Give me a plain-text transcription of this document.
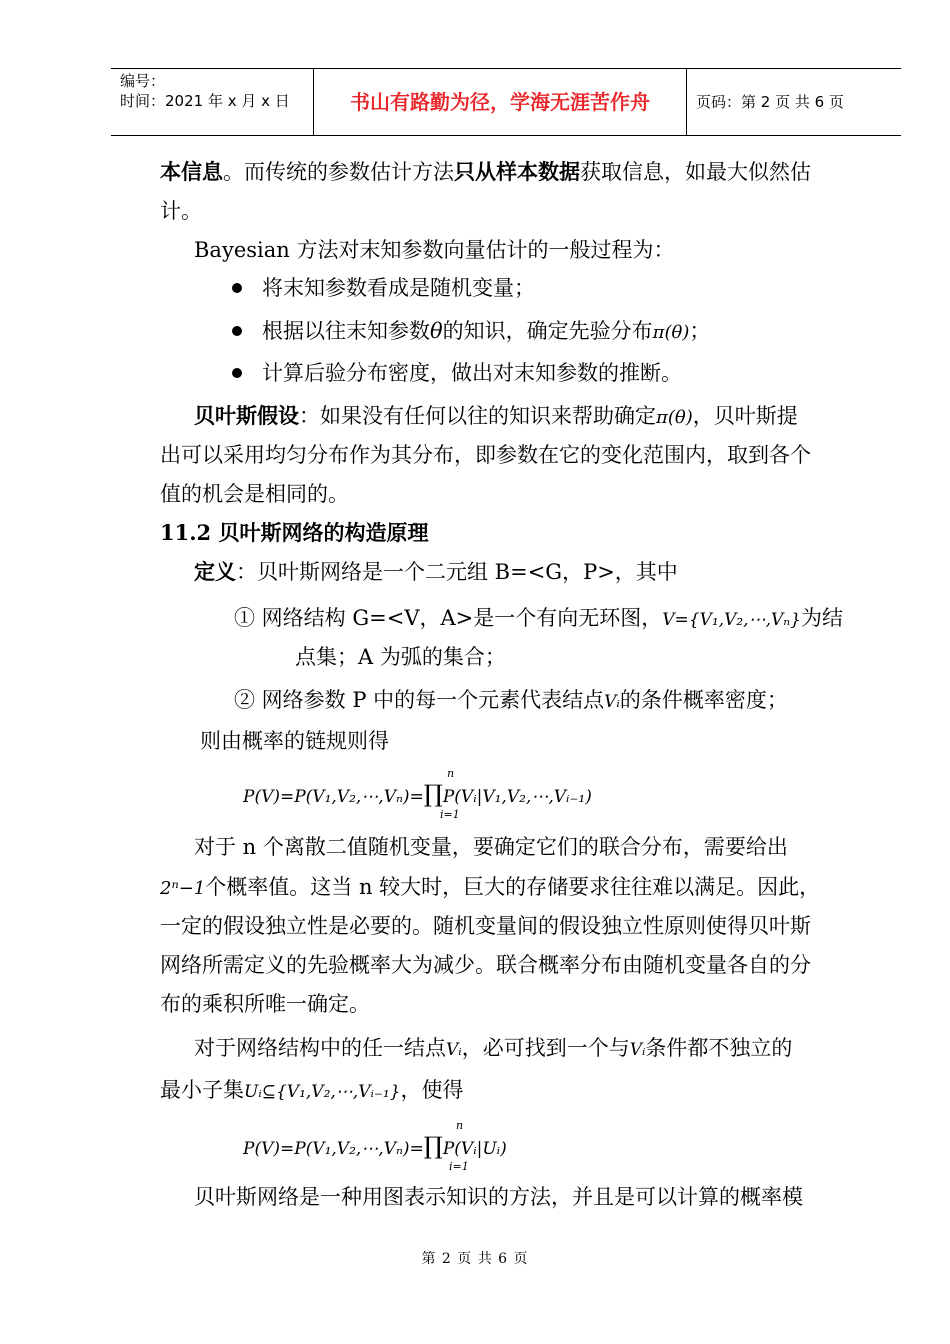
编号：
时间：2021 年 x 月 x 日	书山有路勤为径，学海无涯苦作舟	页码：第 2 页 共 6 页
本信息。而传统的参数估计方法只从样本数据获取信息，如最大似然估
计。
Bayesian 方法对末知参数向量估计的一般过程为：
将末知参数看成是随机变量；
根据以往末知参数θ的知识，确定先验分布π(θ)；
计算后验分布密度，做出对末知参数的推断。
贝叶斯假设：如果没有任何以往的知识来帮助确定π(θ)，贝叶斯提
出可以采用均匀分布作为其分布，即参数在它的变化范围内，取到各个
值的机会是相同的。
11.2 贝叶斯网络的构造原理
定义：贝叶斯网络是一个二元组 B=<G，P>，其中
① 网络结构 G=<V，A>是一个有向无环图，V={V₁,V₂,⋯,Vₙ}为结
点集；A 为弧的集合；
② 网络参数 P 中的每一个元素代表结点Vᵢ的条件概率密度；
则由概率的链规则得
P(V)=P(V₁,V₂,⋯,Vₙ)=∏P(Vᵢ|V₁,V₂,⋯,Vᵢ₋₁)
n
i=1
对于 n 个离散二值随机变量，要确定它们的联合分布，需要给出
2ⁿ−1个概率值。这当 n 较大时，巨大的存储要求往往难以满足。因此，
一定的假设独立性是必要的。随机变量间的假设独立性原则使得贝叶斯
网络所需定义的先验概率大为减少。联合概率分布由随机变量各自的分
布的乘积所唯一确定。
对于网络结构中的任一结点Vᵢ，必可找到一个与Vᵢ条件都不独立的
最小子集Uᵢ⊆{V₁,V₂,⋯,Vᵢ₋₁}，使得
P(V)=P(V₁,V₂,⋯,Vₙ)=∏P(Vᵢ|Uᵢ)
n
i=1
贝叶斯网络是一种用图表示知识的方法，并且是可以计算的概率模
第 2 页 共 6 页
